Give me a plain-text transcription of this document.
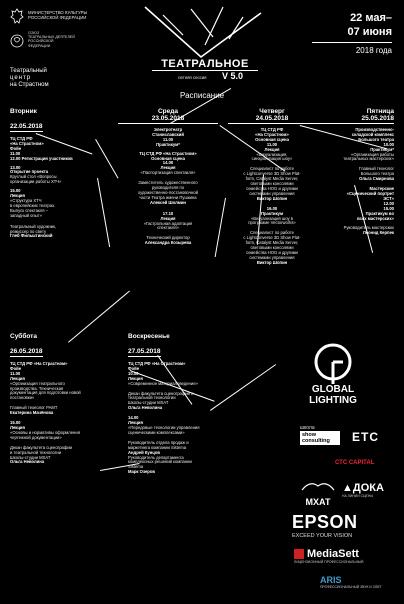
МИНИСТЕРСТВО КУЛЬТУРЫ
РОССИЙСКОЙ ФЕДЕРАЦИИ
СОЮЗ
ТЕАТРАЛЬНЫХ ДЕЯТЕЛЕЙ
РОССИЙСКОЙ
ФЕДЕРАЦИИ
Театральный
центр
на Страстном
ТЕАТРАЛЬНОЕ
летняя сессия V 5.0
Расписание
22 мая–
07 июня
2018 года
Вторник
22.05.2018
ТЦ СТД РФ
«На Страстном»
Фойе
11.00
12.00 Регистрация участников
13.00
Открытие проекта
Круглый стол «Вопросы
организации работы ХТЧ»
15.00
Лекция
«Структура ХТЧ
в европейских театрах.
Выпуск спектакля –
западный опыт»
Театральный художник,
режиссер по свету
Глеб Фильштинский
Среда
23.05.2018
Электротеатр
Станиславский
11.00
Практикум*
ТЦ СТД РФ «На Страстном»
Основная сцена
14.00
Лекция
«Паспортизация спектакля»
Заместитель художественного
руководителя по
художественно-постановочной
части Театра имени Пушкина
Алексей Шолмин
17.10
Лекция
«Гастрольная адаптация
спектакля»
Технический директор
Александра Козырева
Четверг
24.05.2018
ТЦ СТД РФ
«На Страстном»
Основная сцена
11.00
Лекция
«Визуализация,
синхронизация шоу»
Специалист по работе
с Lightconverse 3D Show Plat-
form, Catalyst Media Server,
световыми консолями
семейства HOG и другими
системами управления
Виктор Шопин
16.00
Практикум
«Визуализация шоу в
программе Vectorworks»
Специалист по работе
с Lightconverse 3D Show Plat-
form, Catalyst Media Server,
световыми консолями
семейства HOG и другими
системами управления
Виктор Шопин
Пятница
25.05.2018
Производственно-
складской комплекс
Большого театра
10.00
Практикум*
«Организация работы
театральных мастерских»
Главный технолог
Большого театра
Ольга Смирнова
Мастерские
«Сценический портрет
ЭСТ»
12.00
15.00
Практикум во
всех мастерских»
Руководитель мастерских
Леонид Керпек
Суббота
26.05.2018
ТЦ СТД РФ «На Страстном»
Фойе
11.00
Лекция
«Организация театрального
производства. Техническая
документация для подготовки новой
постановки»
Главный технолог РАМТ
Екатерина Мачёнова
15.00
Лекция
«Основы и нормативы оформления
чертежной документации»
Декан факультета сценографии
и театральной технологии
Школы-студии МХАТ
Ольга Неволина
Воскресенье
27.05.2018
ТЦ СТД РФ «На Страстном»
Фойе
10.00
Лекция
«Современное материаловедение»
Декан факультета сценографии и
театральной технологии
Школы-студии МХАТ
Ольга Неволина
14.00
Лекция
«Передовые технологии управления
сценическими комплексами»
Руководитель отдела продаж и
маркетинга компании Sistema
Андрей Кунцов
Руководитель департамента
комплексных решений компании
Sistema
Марк Озеров
GLOBAL
LIGHTING
школа
show
consulting	ETC
СТС CAPITAL
МХАТ
▲ДОКА
НА ЛИНИИ СЦЕНЫ
EPSON
EXCEED YOUR VISION
MediaSett
ЛИЦЕНЗИОННЫЙ ПРОФЕССИОНАЛЬНЫЙ
ARIS
ПРОФЕССИОНАЛЬНЫЙ ЗВУК И СВЕТ
